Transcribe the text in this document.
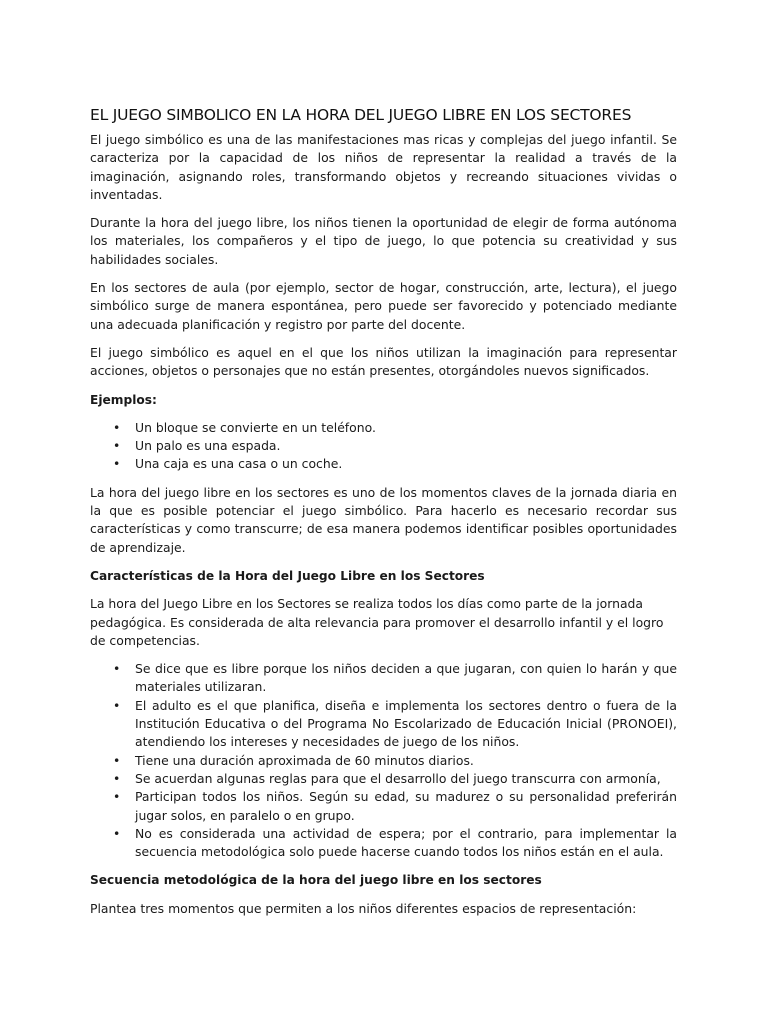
EL JUEGO SIMBOLICO EN LA HORA DEL JUEGO LIBRE EN LOS SECTORES

El juego simbólico es una de las manifestaciones mas ricas y complejas del juego infantil. Se caracteriza por la capacidad de los niños de representar la realidad a través de la imaginación, asignando roles, transformando objetos y recreando situaciones vividas o inventadas.

Durante la hora del juego libre, los niños tienen la oportunidad de elegir de forma autónoma los materiales, los compañeros y el tipo de juego, lo que potencia su creatividad y sus habilidades sociales.

En los sectores de aula (por ejemplo, sector de hogar, construcción, arte, lectura), el juego simbólico surge de manera espontánea, pero puede ser favorecido y potenciado mediante una adecuada planificación y registro por parte del docente.

El juego simbólico es aquel en el que los niños utilizan la imaginación para representar acciones, objetos o personajes que no están presentes, otorgándoles nuevos significados.

Ejemplos:
• Un bloque se convierte en un teléfono.
• Un palo es una espada.
• Una caja es una casa o un coche.

La hora del juego libre en los sectores es uno de los momentos claves de la jornada diaria en la que es posible potenciar el juego simbólico. Para hacerlo es necesario recordar sus características y como transcurre; de esa manera podemos identificar posibles oportunidades de aprendizaje.

Características de la Hora del Juego Libre en los Sectores

La hora del Juego Libre en los Sectores se realiza todos los días como parte de la jornada pedagógica. Es considerada de alta relevancia para promover el desarrollo infantil y el logro de competencias.

• Se dice que es libre porque los niños deciden a que jugaran, con quien lo harán y que materiales utilizaran.
• El adulto es el que planifica, diseña e implementa los sectores dentro o fuera de la Institución Educativa o del Programa No Escolarizado de Educación Inicial (PRONOEI), atendiendo los intereses y necesidades de juego de los niños.
• Tiene una duración aproximada de 60 minutos diarios.
• Se acuerdan algunas reglas para que el desarrollo del juego transcurra con armonía,
• Participan todos los niños. Según su edad, su madurez o su personalidad preferirán jugar solos, en paralelo o en grupo.
• No es considerada una actividad de espera; por el contrario, para implementar la secuencia metodológica solo puede hacerse cuando todos los niños están en el aula.
Secuencia metodológica de la hora del juego libre en los sectores

Plantea tres momentos que permiten a los niños diferentes espacios de representación:
